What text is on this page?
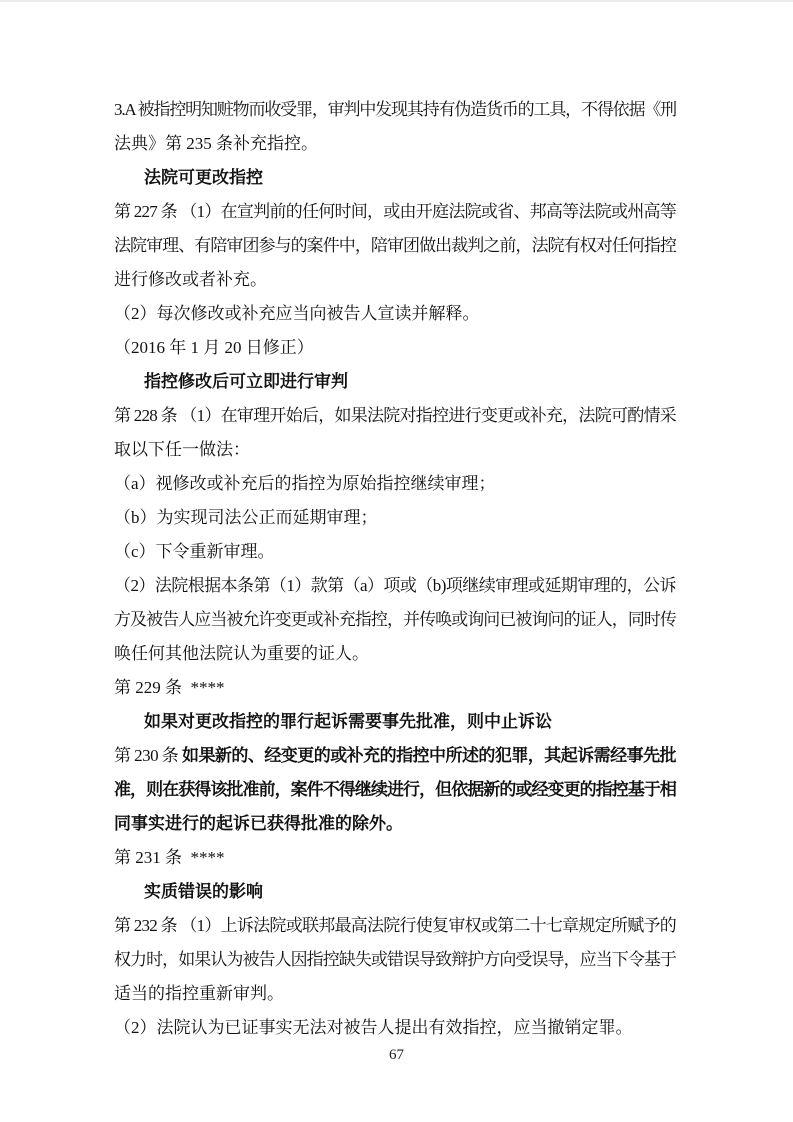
3.A 被指控明知赃物而收受罪，审判中发现其持有伪造货币的工具，不得依据《刑
法典》第 235 条补充指控。
法院可更改指控
第 227 条 （1）在宣判前的任何时间，或由开庭法院或省、邦高等法院或州高等
法院审理、有陪审团参与的案件中，陪审团做出裁判之前，法院有权对任何指控
进行修改或者补充。
（2）每次修改或补充应当向被告人宣读并解释。
（2016 年 1 月 20 日修正）
指控修改后可立即进行审判
第 228 条 （1）在审理开始后，如果法院对指控进行变更或补充，法院可酌情采
取以下任一做法：
（a）视修改或补充后的指控为原始指控继续审理；
（b）为实现司法公正而延期审理；
（c）下令重新审理。
（2）法院根据本条第（1）款第（a）项或（b)项继续审理或延期审理的，公诉
方及被告人应当被允许变更或补充指控，并传唤或询问已被询问的证人，同时传
唤任何其他法院认为重要的证人。
第 229 条  ****
如果对更改指控的罪行起诉需要事先批准，则中止诉讼
第 230 条 如果新的、经变更的或补充的指控中所述的犯罪，其起诉需经事先批
准，则在获得该批准前，案件不得继续进行，但依据新的或经变更的指控基于相
同事实进行的起诉已获得批准的除外。
第 231 条  ****
实质错误的影响
第 232 条 （1）上诉法院或联邦最高法院行使复审权或第二十七章规定所赋予的
权力时，如果认为被告人因指控缺失或错误导致辩护方向受误导，应当下令基于
适当的指控重新审判。
（2）法院认为已证事实无法对被告人提出有效指控，应当撤销定罪。
67
